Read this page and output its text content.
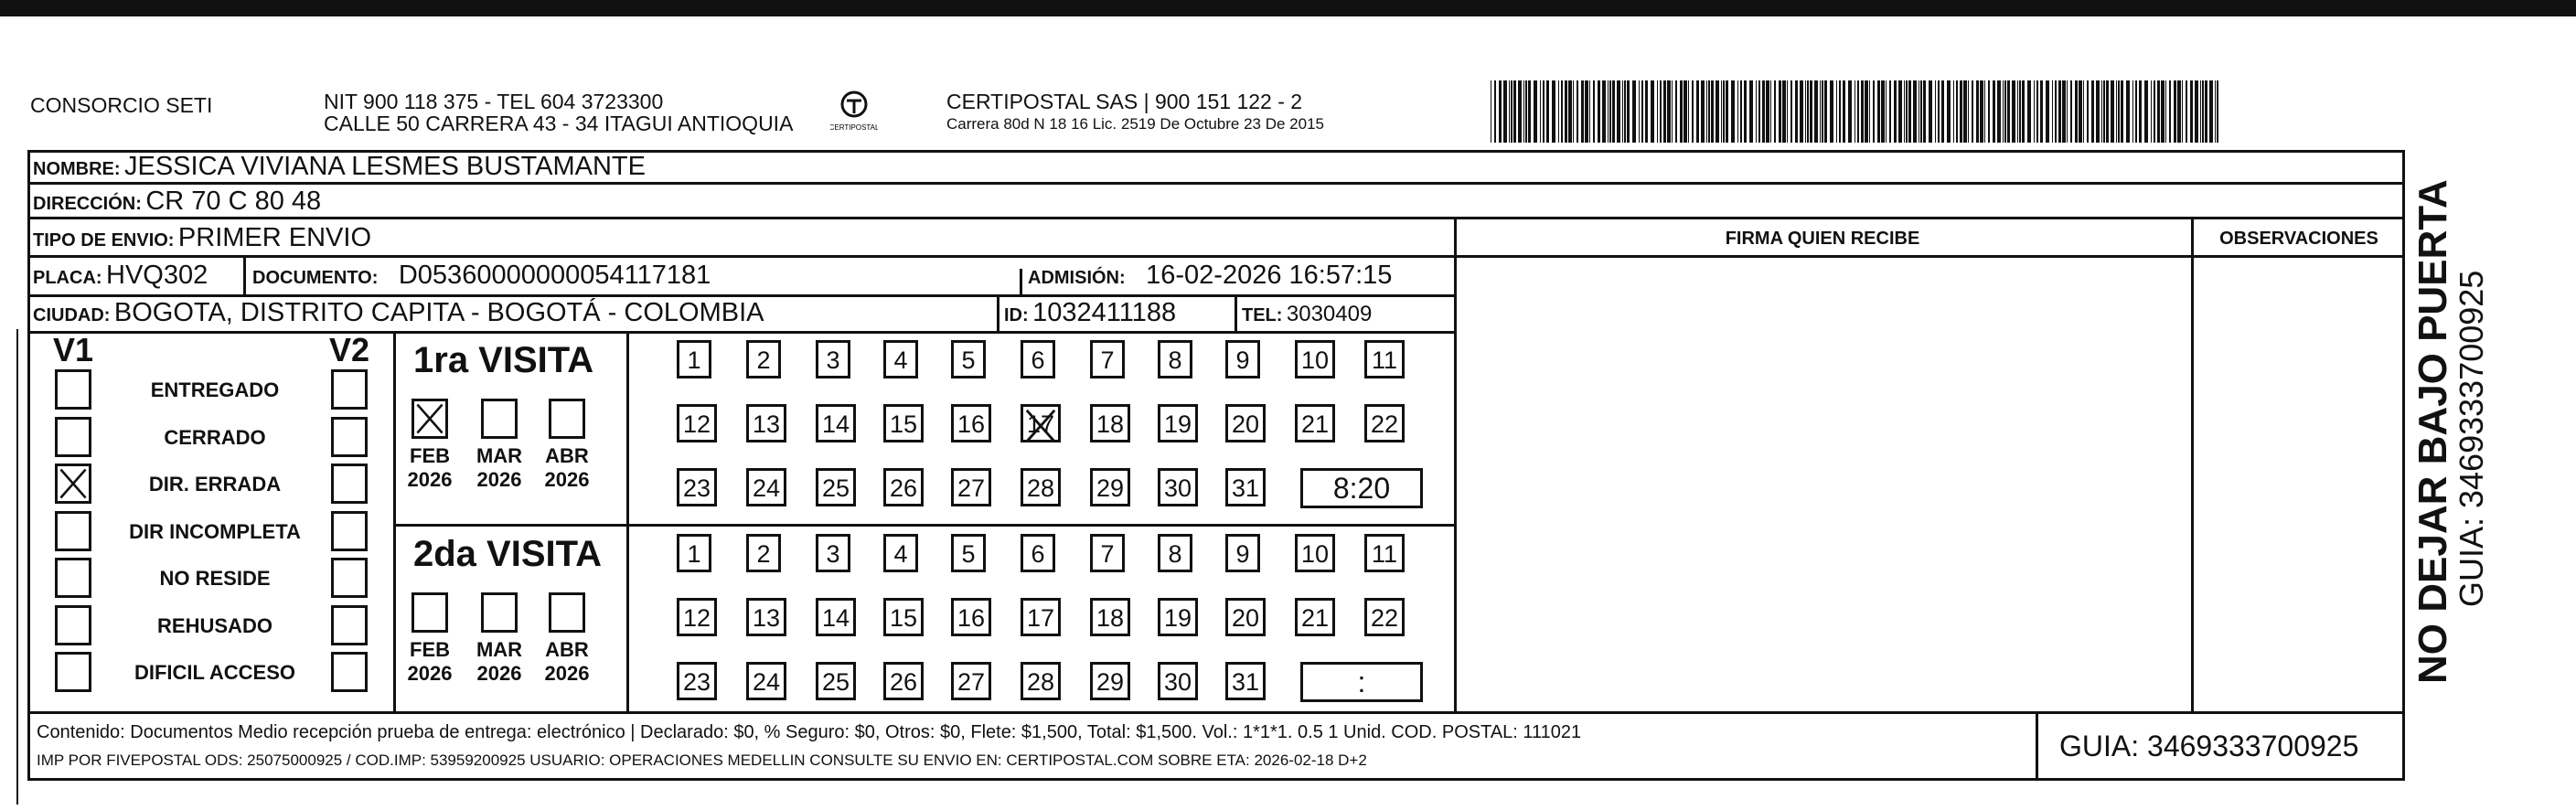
CONSORCIO SETI	NIT 900 118 375 - TEL 604 3723300
CALLE 50 CARRERA 43 - 34 ITAGUI ANTIOQUIA	CERTIPOSTAL
CERTIPOSTAL SAS | 900 151 122 - 2
Carrera 80d N 18 16 Lic. 2519 De Octubre 23 De 2015
NOMBRE: JESSICA VIVIANA LESMES BUSTAMANTE
DIRECCIÓN: CR 70 C 80 48
TIPO DE ENVIO: PRIMER ENVIO	FIRMA QUIEN RECIBE	OBSERVACIONES
PLACA: HVQ302 DOCUMENTO: D05360000000054117181	ADMISIÓN: 16-02-2026 16:57:15
CIUDAD: BOGOTA, DISTRITO CAPITA - BOGOTÁ - COLOMBIA	ID: 1032411188	TEL: 3030409
V1	V2
ENTREGADO
CERRADO
DIR. ERRADA
DIR INCOMPLETA
NO RESIDE
REHUSADO
DIFICIL ACCESO
1ra VISITA
2da VISITA
FEB
2026
MAR
2026
ABR
2026
1	2	3	4	5	6	7	8	9	10 11
12 13 14 15 16 17 18 19 20 21 22
23 24 25 26 27 28 29 30 31	8:20
FEB
2026
MAR
2026
ABR
2026
1	2	3	4	5	6	7	8	9	10 11
12 13 14 15 16 17 18 19 20 21 22
23 24 25 26 27 28 29 30 31	:
Contenido: Documentos Medio recepción prueba de entrega: electrónico | Declarado: $0, % Seguro: $0, Otros: $0, Flete: $1,500, Total: $1,500. Vol.: 1*1*1. 0.5 1 Unid. COD. POSTAL: 111021
IMP POR FIVEPOSTAL ODS: 25075000925 / COD.IMP: 53959200925 USUARIO: OPERACIONES MEDELLIN CONSULTE SU ENVIO EN: CERTIPOSTAL.COM SOBRE ETA: 2026-02-18 D+2	GUIA: 3469333700925
NO DEJAR BAJO PUERTA
GUIA: 3469333700925
